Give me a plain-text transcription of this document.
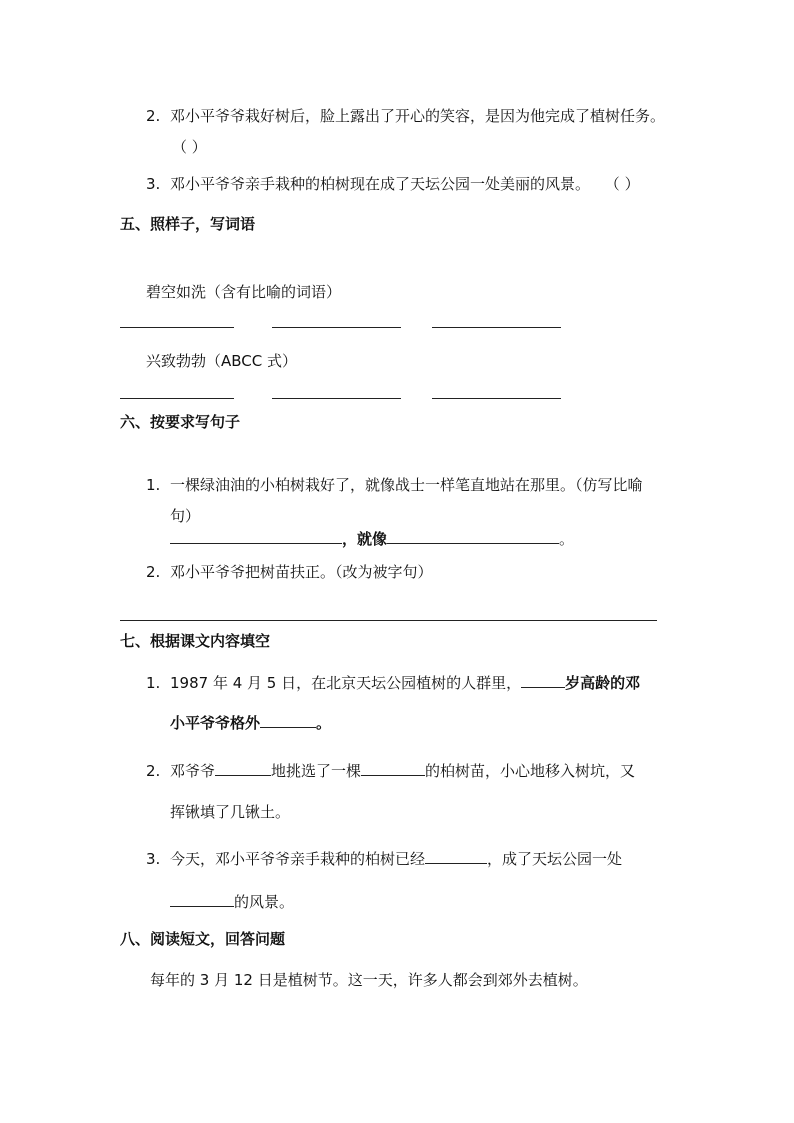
2. 邓小平爷爷栽好树后，脸上露出了开心的笑容，是因为他完成了植树任务。
（ ）
3. 邓小平爷爷亲手栽种的柏树现在成了天坛公园一处美丽的风景。 （ ）
五、照样子，写词语
碧空如洗（含有比喻的词语）
兴致勃勃（ABCC 式）
六、按要求写句子
1. 一棵绿油油的小柏树栽好了，就像战士一样笔直地站在那里。（仿写比喻
句）
，就像	。
2. 邓小平爷爷把树苗扶正。（改为被字句）
七、根据课文内容填空
1. 1987 年 4 月 5 日，在北京天坛公园植树的人群里，	岁高龄的邓
小平爷爷格外	。
2. 邓爷爷	地挑选了一棵	的柏树苗，小心地移入树坑，又
挥锹填了几锹土。
3. 今天，邓小平爷爷亲手栽种的柏树已经	，成了天坛公园一处
的风景。
八、阅读短文，回答问题
每年的 3 月 12 日是植树节。这一天，许多人都会到郊外去植树。
